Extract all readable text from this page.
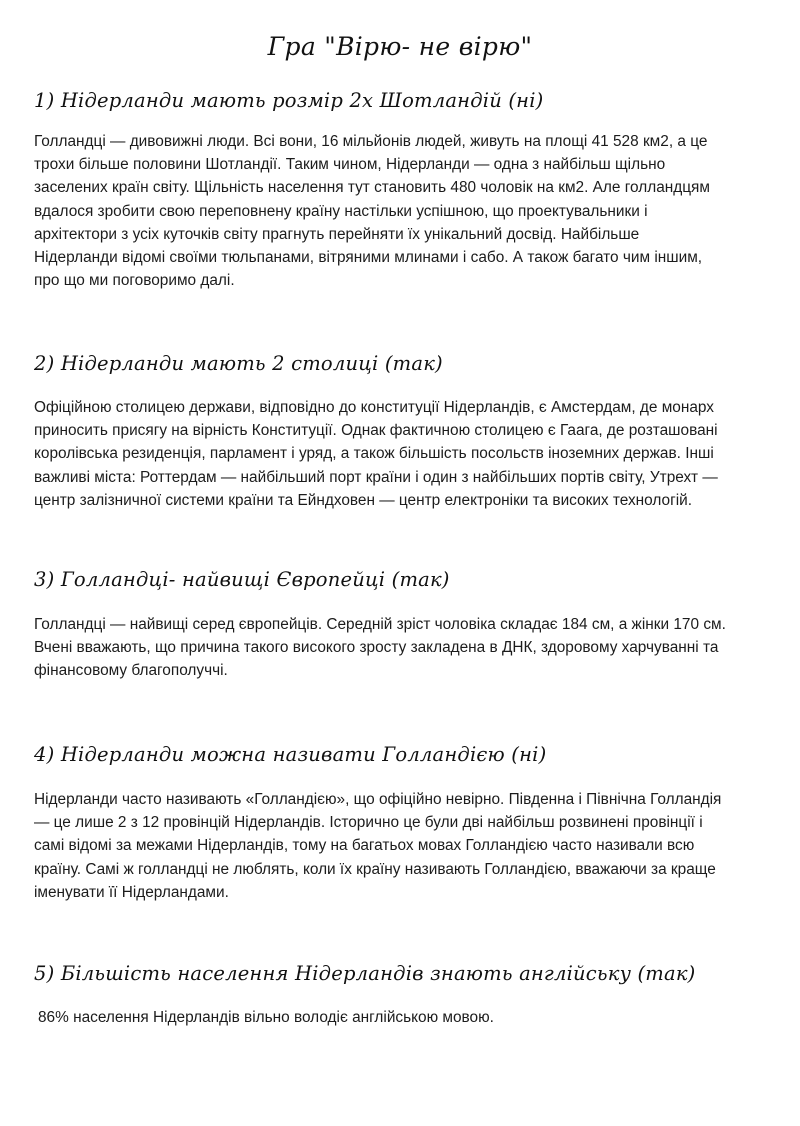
Гра "Вірю- не вірю"
1) Нідерланди мають розмір 2х Шотландій (ні)

Голландці — дивовижні люди. Всі вони, 16 мільйонів людей, живуть на площі 41 528 км2, а це
трохи більше половини Шотландії. Таким чином, Нідерланди — одна з найбільш щільно
заселених країн світу. Щільність населення тут становить 480 чоловік на км2. Але голландцям
вдалося зробити свою переповнену країну настільки успішною, що проектувальники і
архітектори з усіх куточків світу прагнуть перейняти їх унікальний досвід. Найбільше
Нідерланди відомі своїми тюльпанами, вітряними млинами і сабо. А також багато чим іншим,
про що ми поговоримо далі.

2) Нідерланди мають 2 столиці (так)

Офіційною столицею держави, відповідно до конституції Нідерландів, є Амстердам, де монарх
приносить присягу на вірність Конституції. Однак фактичною столицею є Гаага, де розташовані
королівська резиденція, парламент і уряд, а також більшість посольств іноземних держав. Інші
важливі міста: Роттердам — найбільший порт країни і один з найбільших портів світу, Утрехт —
центр залізничної системи країни та Ейндховен — центр електроніки та високих технологій.

3) Голландці- найвищі Європейці (так)

Голландці — найвищі серед європейців. Середній зріст чоловіка складає 184 см, а жінки 170 см.
Вчені вважають, що причина такого високого зросту закладена в ДНК, здоровому харчуванні та
фінансовому благополуччі.

4) Нідерланди можна називати Голландією (ні)

Нідерланди часто називають «Голландією», що офіційно невірно. Південна і Північна Голландія
— це лише 2 з 12 провінцій Нідерландів. Історично це були дві найбільш розвинені провінції і
самі відомі за межами Нідерландів, тому на багатьох мовах Голландією часто називали всю
країну. Самі ж голландці не люблять, коли їх країну називають Голландією, вважаючи за краще
іменувати її Нідерландами.

5) Більшість населення Нідерландів знають англійську (так)

86% населення Нідерландів вільно володіє англійською мовою.
